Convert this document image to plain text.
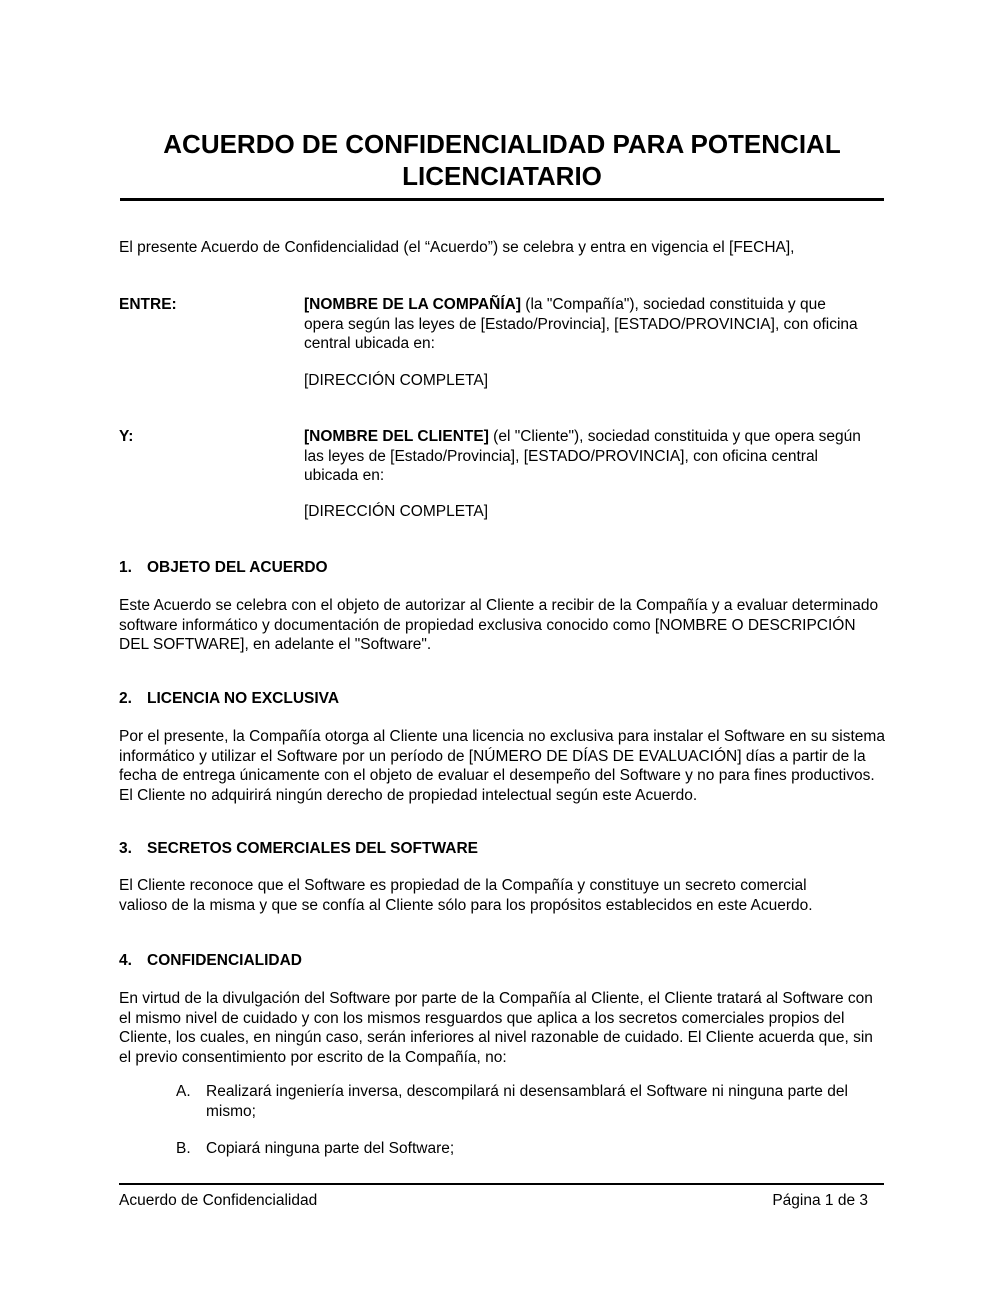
ACUERDO DE CONFIDENCIALIDAD PARA POTENCIAL
LICENCIATARIO
El presente Acuerdo de Confidencialidad (el “Acuerdo”) se celebra y entra en vigencia el [FECHA],
ENTRE:	[NOMBRE DE LA COMPAÑÍA] (la "Compañía"), sociedad constituida y que opera según las leyes de [Estado/Provincia], [ESTADO/PROVINCIA], con oficina central ubicada en:
[DIRECCIÓN COMPLETA]
Y:	[NOMBRE DEL CLIENTE] (el "Cliente"), sociedad constituida y que opera según las leyes de [Estado/Provincia], [ESTADO/PROVINCIA], con oficina central ubicada en:
[DIRECCIÓN COMPLETA]
1. OBJETO DEL ACUERDO
Este Acuerdo se celebra con el objeto de autorizar al Cliente a recibir de la Compañía y a evaluar determinado software informático y documentación de propiedad exclusiva conocido como [NOMBRE O DESCRIPCIÓN DEL SOFTWARE], en adelante el "Software".
2. LICENCIA NO EXCLUSIVA
Por el presente, la Compañía otorga al Cliente una licencia no exclusiva para instalar el Software en su sistema informático y utilizar el Software por un período de [NÚMERO DE DÍAS DE EVALUACIÓN] días a partir de la fecha de entrega únicamente con el objeto de evaluar el desempeño del Software y no para fines productivos. El Cliente no adquirirá ningún derecho de propiedad intelectual según este Acuerdo.
3. SECRETOS COMERCIALES DEL SOFTWARE
El Cliente reconoce que el Software es propiedad de la Compañía y constituye un secreto comercial valioso de la misma y que se confía al Cliente sólo para los propósitos establecidos en este Acuerdo.
4. CONFIDENCIALIDAD
En virtud de la divulgación del Software por parte de la Compañía al Cliente, el Cliente tratará al Software con el mismo nivel de cuidado y con los mismos resguardos que aplica a los secretos comerciales propios del Cliente, los cuales, en ningún caso, serán inferiores al nivel razonable de cuidado. El Cliente acuerda que, sin el previo consentimiento por escrito de la Compañía, no:
A. Realizará ingeniería inversa, descompilará ni desensamblará el Software ni ninguna parte del mismo;
B. Copiará ninguna parte del Software;
Acuerdo de Confidencialidad	Página 1 de 3
